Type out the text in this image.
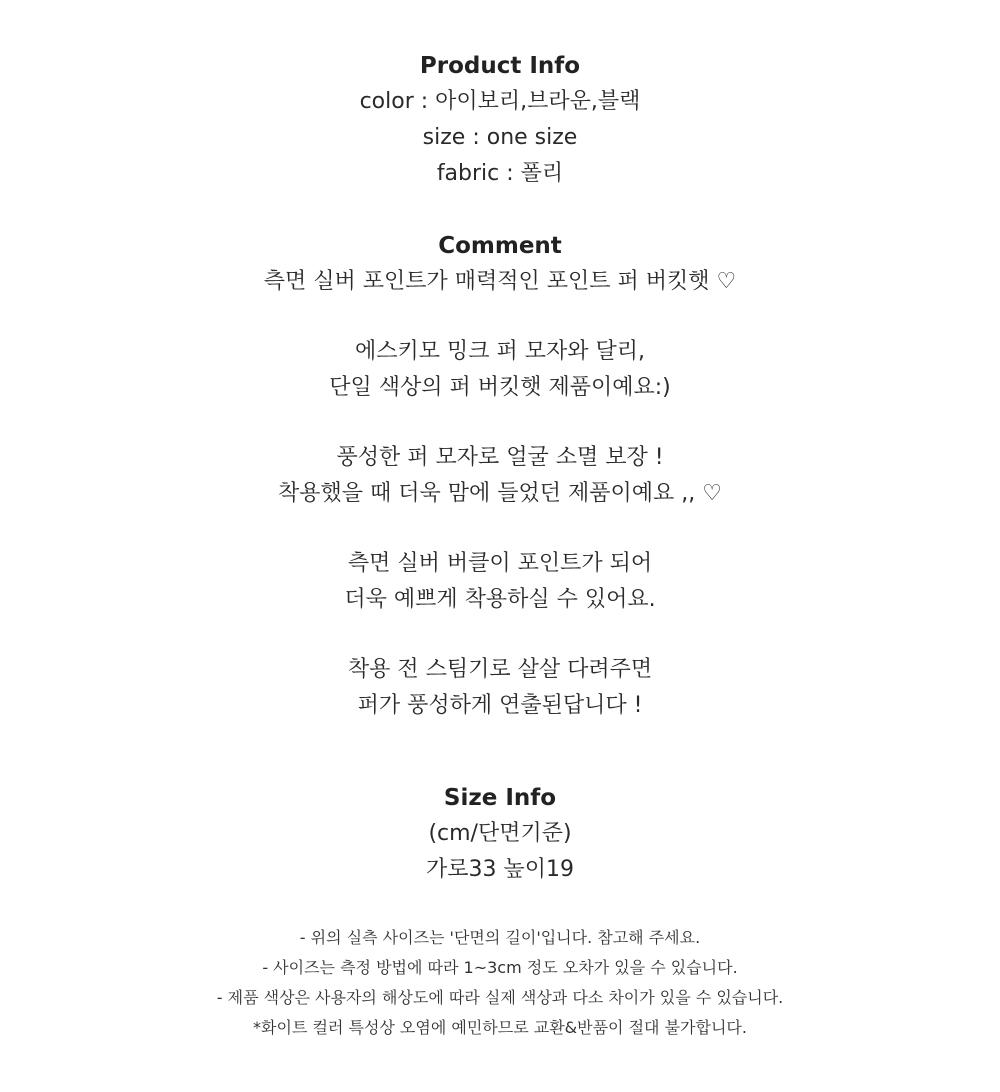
Product Info
color : 아이보리,브라운,블랙
size : one size
fabric : 폴리
Comment
측면 실버 포인트가 매력적인 포인트 퍼 버킷햇 ♡
에스키모 밍크 퍼 모자와 달리,
단일 색상의 퍼 버킷햇 제품이예요:)
풍성한 퍼 모자로 얼굴 소멸 보장 !
착용했을 때 더욱 맘에 들었던 제품이예요 ,, ♡
측면 실버 버클이 포인트가 되어
더욱 예쁘게 착용하실 수 있어요.
착용 전 스팀기로 살살 다려주면
퍼가 풍성하게 연출된답니다 !
Size Info
(cm/단면기준)
가로33 높이19
- 위의 실측 사이즈는 '단면의 길이'입니다. 참고해 주세요.
- 사이즈는 측정 방법에 따라 1~3cm 정도 오차가 있을 수 있습니다.
- 제품 색상은 사용자의 해상도에 따라 실제 색상과 다소 차이가 있을 수 있습니다.
*화이트 컬러 특성상 오염에 예민하므로 교환&반품이 절대 불가합니다.
